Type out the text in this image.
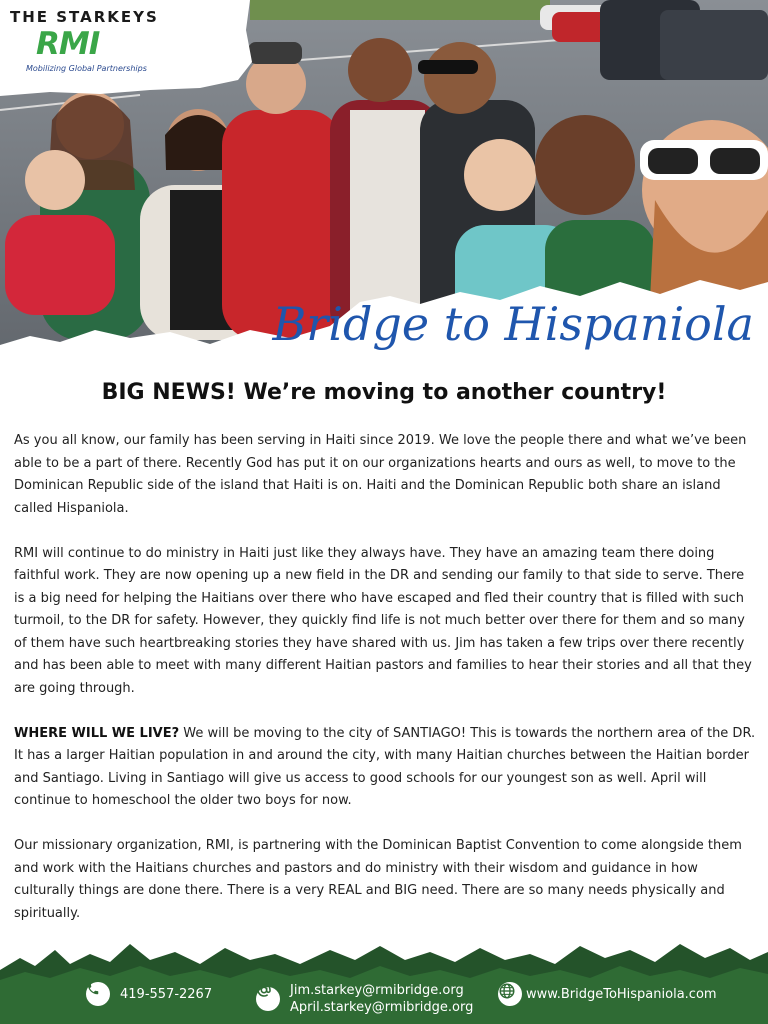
THE STARKEYS
RMI
Mobilizing Global Partnerships
Bridge to Hispaniola
BIG NEWS! We’re moving to another country!

As you all know, our family has been serving in Haiti since 2019. We love the people there and what we’ve been able to be a part of there. Recently God has put it on our organizations hearts and ours as well, to move to the Dominican Republic side of the island that Haiti is on. Haiti and the Dominican Republic both share an island called Hispaniola.

RMI will continue to do ministry in Haiti just like they always have. They have an amazing team there doing faithful work. They are now opening up a new field in the DR and sending our family to that side to serve. There is a big need for helping the Haitians over there who have escaped and fled their country that is filled with such turmoil, to the DR for safety. However, they quickly find life is not much better over there for them and so many of them have such heartbreaking stories they have shared with us. Jim has taken a few trips over there recently and has been able to meet with many different Haitian pastors and families to hear their stories and all that they are going through.

WHERE WILL WE LIVE? We will be moving to the city of SANTIAGO! This is towards the northern area of the DR. It has a larger Haitian population in and around the city, with many Haitian churches between the Haitian border and Santiago. Living in Santiago will give us access to good schools for our youngest son as well. April will continue to homeschool the older two boys for now.

Our missionary organization, RMI, is partnering with the Dominican Baptist Convention to come alongside them and work with the Haitians churches and pastors and do ministry with their wisdom and guidance in how culturally things are done there. There is a very REAL and BIG need. There are so many needs physically and spiritually.

419-557-2267	Jim.starkey@rmibridge.org
April.starkey@rmibridge.org
www.BridgeToHispaniola.com
